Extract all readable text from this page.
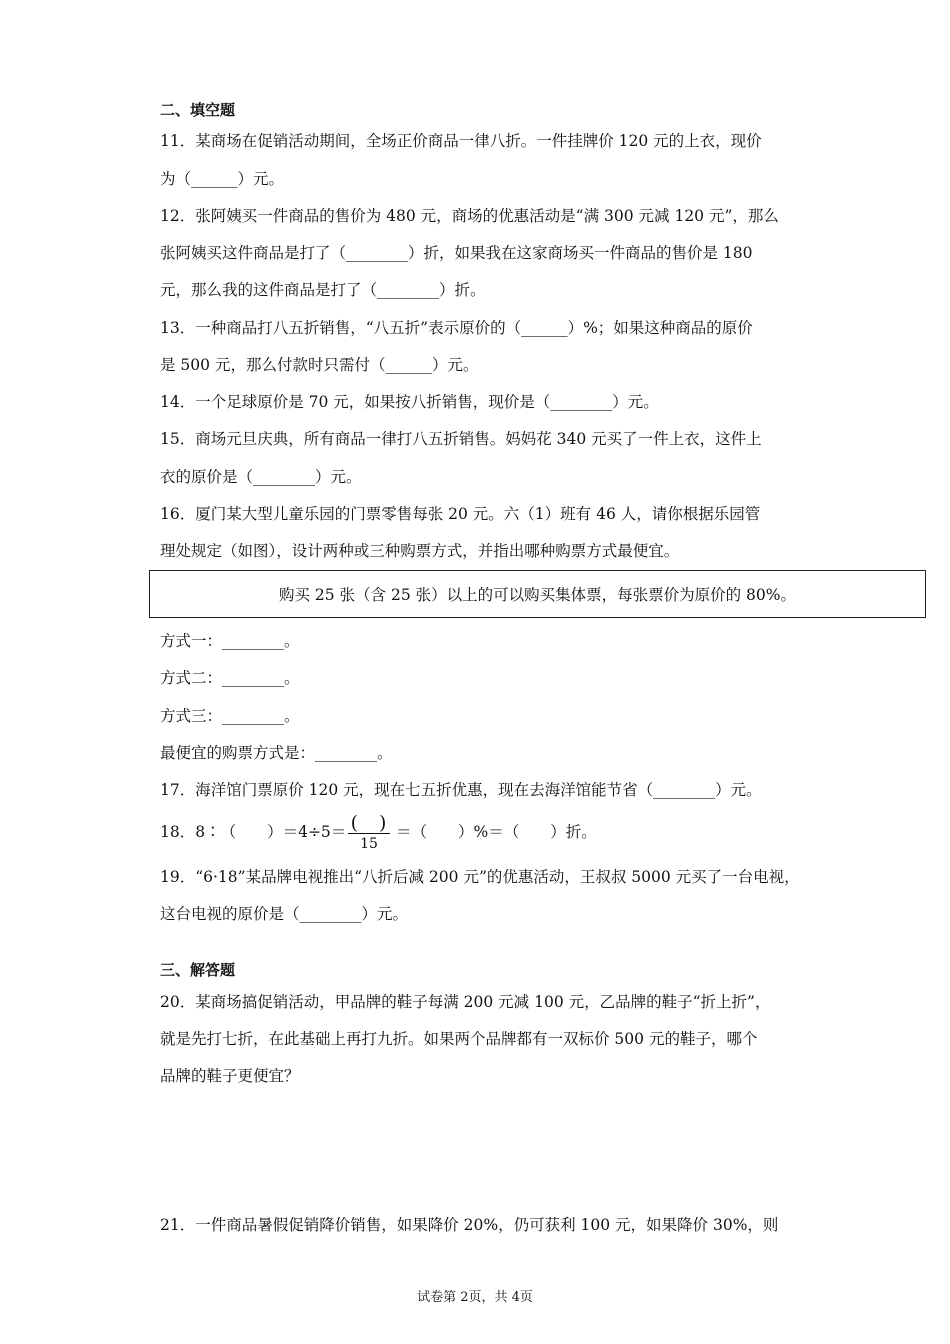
二、填空题
11．某商场在促销活动期间，全场正价商品一律八折。一件挂牌价 120 元的上衣，现价
为（______）元。
12．张阿姨买一件商品的售价为 480 元，商场的优惠活动是“满 300 元减 120 元”，那么
张阿姨买这件商品是打了（________）折，如果我在这家商场买一件商品的售价是 180
元，那么我的这件商品是打了（________）折。
13．一种商品打八五折销售，“八五折”表示原价的（______）%；如果这种商品的原价
是 500 元，那么付款时只需付（______）元。
14．一个足球原价是 70 元，如果按八折销售，现价是（________）元。
15．商场元旦庆典，所有商品一律打八五折销售。妈妈花 340 元买了一件上衣，这件上
衣的原价是（________）元。
16．厦门某大型儿童乐园的门票零售每张 20 元。六（1）班有 46 人，请你根据乐园管
理处规定（如图），设计两种或三种购票方式，并指出哪种购票方式最便宜。
购买 25 张（含 25 张）以上的可以购买集体票，每张票价为原价的 80%。
方式一：________。
方式二：________。
方式三：________。
最便宜的购票方式是：________。
17．海洋馆门票原价 120 元，现在七五折优惠，现在去海洋馆能节省（________）元。
18．8∶（　　）＝4÷5＝ (　)
15
＝（　　）%＝（　　）折。
19．“6·18”某品牌电视推出“八折后减 200 元”的优惠活动，王叔叔 5000 元买了一台电视，
这台电视的原价是（________）元。
三、解答题
20．某商场搞促销活动，甲品牌的鞋子每满 200 元减 100 元，乙品牌的鞋子“折上折”，
就是先打七折，在此基础上再打九折。如果两个品牌都有一双标价 500 元的鞋子，哪个
品牌的鞋子更便宜？
21．一件商品暑假促销降价销售，如果降价 20%，仍可获利 100 元，如果降价 30%，则
试卷第 2页，共 4页
